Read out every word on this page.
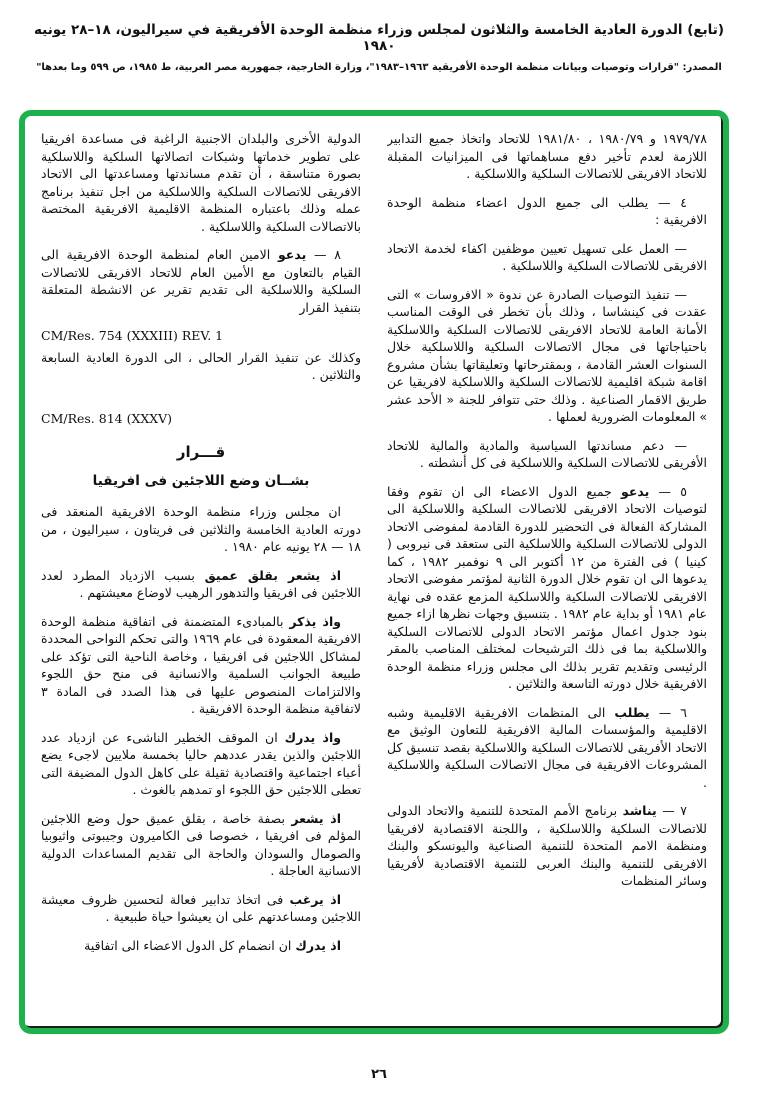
(تابع) الدورة العادية الخامسة والثلاثون لمجلس وزراء منظمة الوحدة الأفريقية في سيراليون، ١٨–٢٨ يونيه ١٩٨٠
المصدر: "قرارات وتوصيات وبيانات منظمة الوحدة الأفريقية ١٩٦٣–١٩٨٣"، وزارة الخارجية، جمهورية مصر العربية، ط ١٩٨٥، ص ٥٩٩ وما بعدها"

١٩٧٩/٧٨ و ١٩٨٠/٧٩ ، ١٩٨١/٨٠ للاتحاد واتخاذ جميع التدابير اللازمة لعدم تأخير دفع مساهماتها فى الميزانيات المقبلة للاتحاد الافريقى للاتصالات السلكية واللاسلكية .

٤ — يطلب الى جميع الدول اعضاء منظمة الوحدة الافريقية :

— العمل على تسهيل تعيين موظفين اكفاء لخدمة الاتحاد الافريقى للاتصالات السلكية واللاسلكية .

— تنفيذ التوصيات الصادرة عن ندوة « الافروسات » التى عقدت فى كينشاسا ، وذلك بأن تخطر فى الوقت المناسب الأمانة العامة للاتحاد الافريقى للاتصالات السلكية واللاسلكية باحتياجاتها فى مجال الاتصالات السلكية واللاسلكية خلال السنوات العشر القادمة ، وبمقترحاتها وتعليقاتها بشأن مشروع اقامة شبكة اقليمية للاتصالات السلكية واللاسلكية لافريقيا عن طريق الاقمار الصناعية . وذلك حتى تتوافر للجنة « الأحد عشر » المعلومات الضرورية لعملها .

— دعم مساندتها السياسية والمادية والمالية للاتحاد الأفريقى للاتصالات السلكية واللاسلكية فى كل أنشطته .

٥ — يدعو جميع الدول الاعضاء الى ان تقوم وفقا لتوصيات الاتحاد الافريقى للاتصالات السلكية واللاسلكية الى المشاركة الفعالة فى التحضير للدورة القادمة لمفوضى الاتحاد الدولى للاتصالات السلكية واللاسلكية التى ستعقد فى نيروبى ( كينيا ) فى الفترة من ١٢ أكتوبر الى ٩ نوفمبر ١٩٨٢ ، كما يدعوها الى ان تقوم خلال الدورة الثانية لمؤتمر مفوضى الاتحاد الافريقى للاتصالات السلكية واللاسلكية المزمع عقده فى نهاية عام ١٩٨١ أو بداية عام ١٩٨٢ . بتنسيق وجهات نظرها ازاء جميع بنود جدول اعمال مؤتمر الاتحاد الدولى للاتصالات السلكية واللاسلكية بما فى ذلك الترشيحات لمختلف المناصب بالمقر الرئيسى وتقديم تقرير بذلك الى مجلس وزراء منظمة الوحدة الافريقية خلال دورته التاسعة والثلاثين .

٦ — يطلب الى المنظمات الافريقية الاقليمية وشبه الاقليمية والمؤسسات المالية الافريقية للتعاون الوثيق مع الاتحاد الأفريقى للاتصالات السلكية واللاسلكية بقصد تنسيق كل المشروعات الافريقية فى مجال الاتصالات السلكية واللاسلكية .

٧ — يناشد برنامج الأمم المتحدة للتنمية والاتحاد الدولى للاتصالات السلكية واللاسلكية ، واللجنة الاقتصادية لافريقيا ومنظمة الامم المتحدة للتنمية الصناعية واليونسكو والبنك الافريقى للتنمية والبنك العربى للتنمية الاقتصادية لأفريقيا وسائر المنظمات

الدولية الأخرى والبلدان الاجنبية الراغبة فى مساعدة افريقيا على تطوير خدماتها وشبكات اتصالاتها السلكية واللاسلكية بصورة متناسقة ، أن تقدم مساندتها ومساعدتها الى الاتحاد الافريقى للاتصالات السلكية واللاسلكية من اجل تنفيذ برنامج عمله وذلك باعتباره المنظمة الاقليمية الافريقية المختصة بالاتصالات السلكية واللاسلكية .

٨ — يدعو الامين العام لمنظمة الوحدة الافريقية الى القيام بالتعاون مع الأمين العام للاتحاد الافريقى للاتصالات السلكية واللاسلكية الى تقديم تقرير عن الانشطة المتعلقة بتنفيذ القرار

CM/Res. 754 (XXXIII) REV. 1

وكذلك عن تنفيذ القرار الحالى ، الى الدورة العادية السابعة والثلاثين .

CM/Res. 814 (XXXV)

قـــرار
بشــان وضع اللاجئين فى افريقيا

ان مجلس وزراء منظمة الوحدة الافريقية المنعقد فى دورته العادية الخامسة والثلاثين فى فريتاون ، سيراليون ، من ١٨ — ٢٨ يونيه عام ١٩٨٠ .

اذ يشعر بقلق عميق بسبب الازدياد المطرد لعدد اللاجئين فى افريقيا والتدهور الرهيب لاوضاع معيشتهم .

واذ يذكر بالمبادىء المتضمنة فى اتفاقية منظمة الوحدة الافريقية المعقودة فى عام ١٩٦٩ والتى تحكم النواحى المحددة لمشاكل اللاجئين فى افريقيا ، وخاصة الناحية التى تؤكد على طبيعة الجوانب السلمية والانسانية فى منح حق اللجوء والالتزامات المنصوص عليها فى هذا الصدد فى المادة ٣ لاتفاقية منظمة الوحدة الافريقية .

واذ يدرك ان الموقف الخطير الناشىء عن ازدياد عدد اللاجئين والذين يقدر عددهم حاليا بخمسة ملايين لاجىء يضع أعباء اجتماعية واقتصادية ثقيلة على كاهل الدول المضيفة التى تعطى اللاجئين حق اللجوء او تمدهم بالغوث .

اذ يشعر بصفة خاصة ، بقلق عميق حول وضع اللاجئين المؤلم فى افريقيا ، خصوصا فى الكاميرون وجيبوتى واثيوبيا والصومال والسودان والحاجة الى تقديم المساعدات الدولية الانسانية العاجلة .

اذ يرغب فى اتخاذ تدابير فعالة لتحسين ظروف معيشة اللاجئين ومساعدتهم على ان يعيشوا حياة طبيعية .

اذ يدرك ان انضمام كل الدول الاعضاء الى اتفاقية

٢٦
